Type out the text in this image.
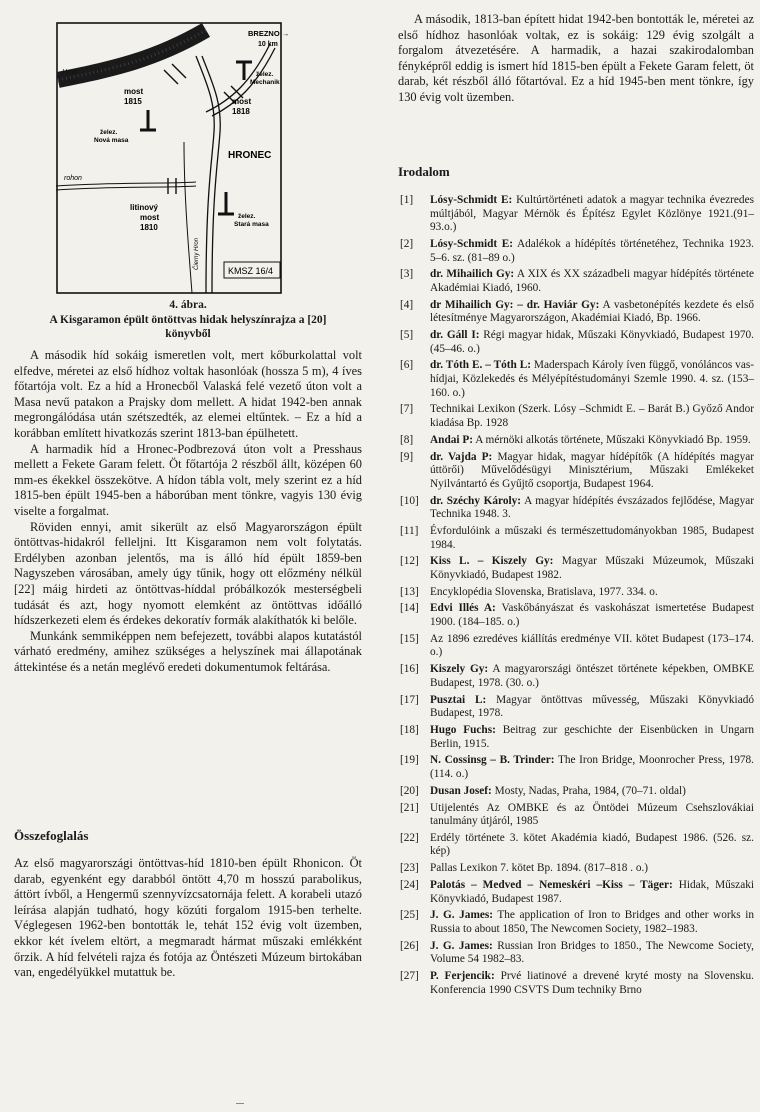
BREZNO →
10 km
Hron
most
1815
želez.
Mechanik
most
1818
želez.
Nová masa
HRONEC
rohon
litinový
most
1810
želez.
Stará masa
Čierny Hron
KMSZ 16/4
4. ábra.
A Kisgaramon épült öntöttvas hidak helyszínrajza a [20]
könyvből

A második híd sokáig ismeretlen volt, mert kőburkolattal volt elfedve, méretei az első hídhoz voltak hasonlóak (hossza 5 m), 4 íves főtartója volt. Ez a híd a Hronecből Valaská felé vezető úton volt a Masa nevű patakon a Prajsky dom mellett. A hidat 1942-ben annak megrongálódása után szétszedték, az elemei eltűntek. – Ez a híd a korábban említett hivatkozás szerint 1813-ban épülhetett.

A harmadik híd a Hronec-Podbrezová úton volt a Presshaus mellett a Fekete Garam felett. Öt főtartója 2 részből állt, középen 60 mm-es ékekkel összekötve. A hídon tábla volt, mely szerint ez a híd 1815-ben épült 1945-ben a háborúban ment tönkre, vagyis 130 évig viselte a forgalmat.

Röviden ennyi, amit sikerült az első Magyarországon épült öntöttvas-hidakról felleljni. Itt Kisgaramon nem volt folytatás. Erdélyben azonban jelentős, ma is álló híd épült 1859-ben Nagyszeben városában, amely úgy tűnik, hogy ott előzmény nélkül [22] máig hirdeti az öntöttvas-híddal próbálkozók mesterségbeli tudását és azt, hogy nyomott elemként az öntöttvas időálló hídszerkezeti elem és érdekes dekoratív formák alakíthatók ki belőle.

Munkánk semmiképpen nem befejezett, további alapos kutatástól várható eredmény, amihez szükséges a helyszínek mai állapotának áttekintése és a netán meglévő eredeti dokumentumok feltárása.

Összefoglalás

Az első magyarországi öntöttvas-híd 1810-ben épült Rhonicon. Öt darab, egyenként egy darabból öntött 4,70 m hosszú parabolikus, áttört ívből, a Hengermű szennyvízcsatornája felett. A korabeli utazó leírása alapján tudható, hogy közúti forgalom 1915-ben terhelte. Véglegesen 1962-ben bontották le, tehát 152 évig volt üzemben, ekkor két ívelem eltört, a megmaradt hármat műszaki emlékként őrzik. A híd felvételi rajza és fotója az Öntészeti Múzeum birtokában van, engedélyükkel mutattuk be.

A második, 1813-ban épített hidat 1942-ben bontották le, méretei az első hídhoz hasonlóak voltak, ez is sokáig: 129 évig szolgált a forgalom átvezetésére. A harmadik, a hazai szakirodalomban fényképről eddig is ismert híd 1815-ben épült a Fekete Garam felett, öt darab, két részből álló főtartóval. Ez a híd 1945-ben ment tönkre, így 130 évig volt üzemben.

Irodalom
[1] Lósy-Schmidt E: Kultúrtörténeti adatok a magyar technika évezredes múltjából, Magyar Mérnök és Építész Egylet Közlönye 1921.(91–93.o.)
[2] Lósy-Schmidt E: Adalékok a hídépítés történetéhez, Technika 1923. 5–6. sz. (81–89 o.)
[3] dr. Mihailich Gy: A XIX és XX századbeli magyar hídépítés története Akadémiai Kiadó, 1960.
[4] dr Mihailich Gy: – dr. Haviár Gy: A vasbetonépítés kezdete és első létesítménye Magyarországon, Akadémiai Kiadó, Bp. 1966.
[5] dr. Gáll I: Régi magyar hidak, Műszaki Könyvkiadó, Budapest 1970. (45–46. o.)
[6] dr. Tóth E. – Tóth L: Maderspach Károly íven függő, vonóláncos vas-hídjai, Közlekedés és Mélyépítéstudományi Szemle 1990. 4. sz. (153–160. o.)
[7] Technikai Lexikon (Szerk. Lósy –Schmidt E. – Barát B.) Győző Andor kiadása Bp. 1928
[8] Andai P: A mérnöki alkotás története, Műszaki Könyvkiadó Bp. 1959.
[9] dr. Vajda P: Magyar hidak, magyar hídépítők (A hídépítés magyar úttörői) Művelődésügyi Minisztérium, Műszaki Emlékeket Nyilvántartó és Gyűjtő csoportja, Budapest 1964.
[10] dr. Széchy Károly: A magyar hídépítés évszázados fejlődése, Magyar Technika 1948. 3.
[11] Évfordulóink a műszaki és természettudományokban 1985, Budapest 1984.
[12] Kiss L. – Kiszely Gy: Magyar Műszaki Múzeumok, Műszaki Könyvkiadó, Budapest 1982.
[13] Encyklopédia Slovenska, Bratislava, 1977. 334. o.
[14] Edvi Illés A: Vaskőbányászat és vaskohászat ismertetése Budapest 1900. (184–185. o.)
[15] Az 1896 ezredéves kiállítás eredménye VII. kötet Budapest (173–174. o.)
[16] Kiszely Gy: A magyarországi öntészet története képekben, OMBKE Budapest, 1978. (30. o.)
[17] Pusztai L: Magyar öntöttvas művesség, Műszaki Könyvkiadó Budapest, 1978.
[18] Hugo Fuchs: Beitrag zur geschichte der Eisenbücken in Ungarn Berlin, 1915.
[19] N. Cossinsg – B. Trinder: The Iron Bridge, Moonrocher Press, 1978. (114. o.)
[20] Dusan Josef: Mosty, Nadas, Praha, 1984, (70–71. oldal)
[21] Utijelentés Az OMBKE és az Öntödei Múzeum Csehszlovákiai tanulmány útjáról, 1985
[22] Erdély története 3. kötet Akadémia kiadó, Budapest 1986. (526. sz. kép)
[23] Pallas Lexikon 7. kötet Bp. 1894. (817–818 . o.)
[24] Palotás – Medved – Nemeskéri –Kiss – Täger: Hidak, Műszaki Könyvkiadó, Budapest 1987.
[25] J. G. James: The application of Iron to Bridges and other works in Russia to about 1850, The Newcomen Society, 1982–1983.
[26] J. G. James: Russian Iron Bridges to 1850., The Newcome Society, Volume 54 1982–83.
[27] P. Ferjencik: Prvé liatinové a drevené kryté mosty na Slovensku. Konferencia 1990 CSVTS Dum techniky Brno
